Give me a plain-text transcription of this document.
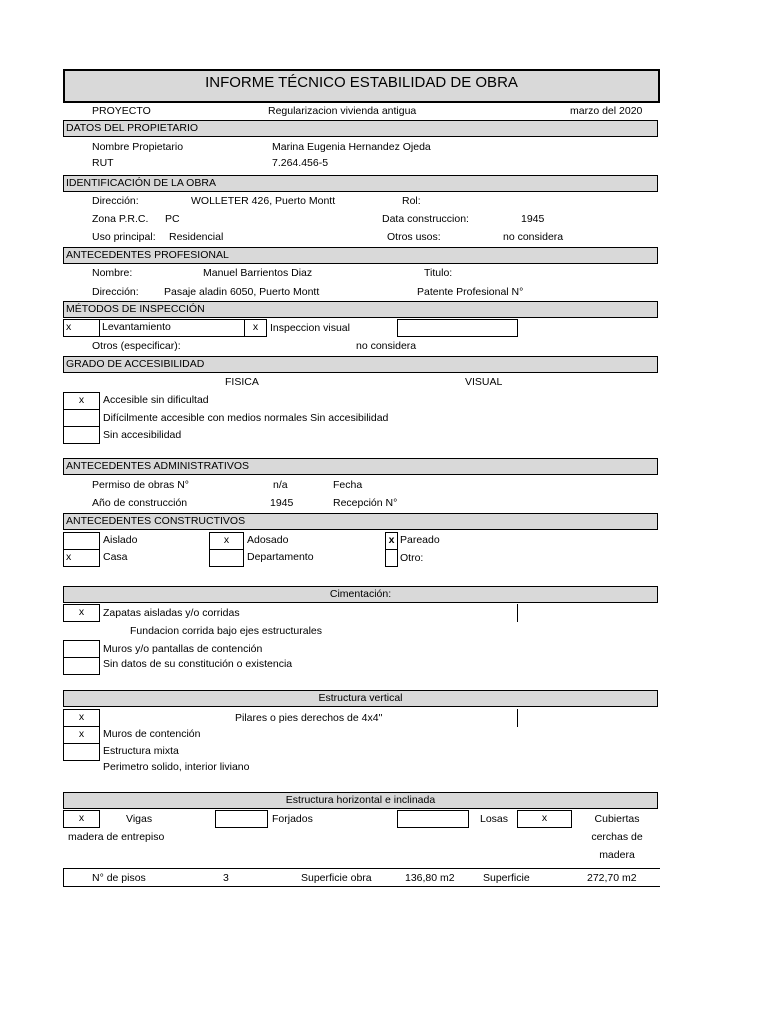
INFORME TÉCNICO ESTABILIDAD DE OBRA
PROYECTO	Regularizacion vivienda antigua	marzo del 2020
DATOS DEL PROPIETARIO
Nombre Propietario	Marina Eugenia Hernandez Ojeda
RUT	7.264.456-5
IDENTIFICACIÓN DE LA OBRA
Dirección:	WOLLETER 426, Puerto Montt	Rol:
Zona P.R.C. PC	Data construccion:	1945
Uso principal: Residencial	Otros usos:	no considera
ANTECEDENTES PROFESIONAL
Nombre:	Manuel Barrientos Diaz	Titulo:
Dirección: Pasaje aladin 6050, Puerto Montt	Patente Profesional N°
MÉTODOS DE INSPECCIÓN
x	Levantamiento	x	Inspeccion visual
Otros (especificar):	no considera
GRADO DE ACCESIBILIDAD
FISICA	VISUAL
x	Accesible sin dificultad
Difícilmente accesible con medios normales Sin accesibilidad
Sin accesibilidad
ANTECEDENTES ADMINISTRATIVOS
Permiso de obras N°	n/a	Fecha
Año de construcción	1945	Recepción N°
ANTECEDENTES CONSTRUCTIVOS
Aislado	x	Adosado	x Pareado
x	Casa	Departamento	Otro:
Cimentación:
x	Zapatas aisladas y/o corridas
Fundacion corrida bajo ejes estructurales
Muros y/o pantallas de contención
Sin datos de su constitución o existencia
Estructura vertical
x	Pilares o pies derechos de 4x4"
x	Muros de contención
Estructura mixta
Perimetro solido, interior liviano
Estructura horizontal e inclinada
x	Vigas	Forjados	Losas	x	Cubiertas
madera de entrepiso	cerchas de
madera
N° de pisos	3	Superficie obra	136,80 m2	Superficie	272,70 m2
